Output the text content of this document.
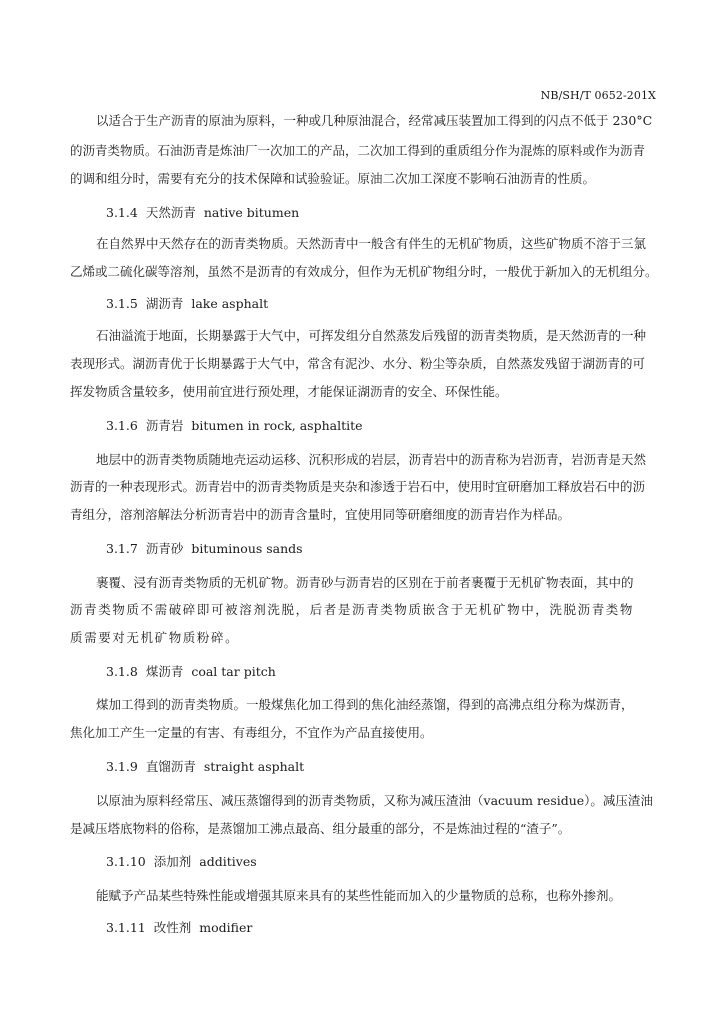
NB/SH/T 0652-201X
以适合于生产沥青的原油为原料，一种或几种原油混合，经常减压装置加工得到的闪点不低于 230°C
的沥青类物质。石油沥青是炼油厂一次加工的产品，二次加工得到的重质组分作为混炼的原料或作为沥青
的调和组分时，需要有充分的技术保障和试验验证。原油二次加工深度不影响石油沥青的性质。
3.1.4 天然沥青 native bitumen
在自然界中天然存在的沥青类物质。天然沥青中一般含有伴生的无机矿物质，这些矿物质不溶于三氯
乙烯或二硫化碳等溶剂，虽然不是沥青的有效成分，但作为无机矿物组分时，一般优于新加入的无机组分。
3.1.5 湖沥青 lake asphalt
石油溢流于地面，长期暴露于大气中，可挥发组分自然蒸发后残留的沥青类物质，是天然沥青的一种
表现形式。湖沥青优于长期暴露于大气中，常含有泥沙、水分、粉尘等杂质，自然蒸发残留于湖沥青的可
挥发物质含量较多，使用前宜进行预处理，才能保证湖沥青的安全、环保性能。
3.1.6 沥青岩 bitumen in rock, asphaltite
地层中的沥青类物质随地壳运动运移、沉积形成的岩层，沥青岩中的沥青称为岩沥青，岩沥青是天然
沥青的一种表现形式。沥青岩中的沥青类物质是夹杂和渗透于岩石中，使用时宜研磨加工释放岩石中的沥
青组分，溶剂溶解法分析沥青岩中的沥青含量时，宜使用同等研磨细度的沥青岩作为样品。
3.1.7 沥青砂 bituminous sands
裹覆、浸有沥青类物质的无机矿物。沥青砂与沥青岩的区别在于前者裹覆于无机矿物表面，其中的
沥青类物质不需破碎即可被溶剂洗脱，后者是沥青类物质嵌含于无机矿物中，洗脱沥青类物
质需要对无机矿物质粉碎。
3.1.8 煤沥青 coal tar pitch
煤加工得到的沥青类物质。一般煤焦化加工得到的焦化油经蒸馏，得到的高沸点组分称为煤沥青，
焦化加工产生一定量的有害、有毒组分，不宜作为产品直接使用。
3.1.9 直馏沥青 straight asphalt
以原油为原料经常压、减压蒸馏得到的沥青类物质，又称为减压渣油（vacuum residue）。减压渣油
是减压塔底物料的俗称，是蒸馏加工沸点最高、组分最重的部分，不是炼油过程的“渣子”。
3.1.10 添加剂 additives
能赋予产品某些特殊性能或增强其原来具有的某些性能而加入的少量物质的总称，也称外掺剂。
3.1.11 改性剂 modifier
